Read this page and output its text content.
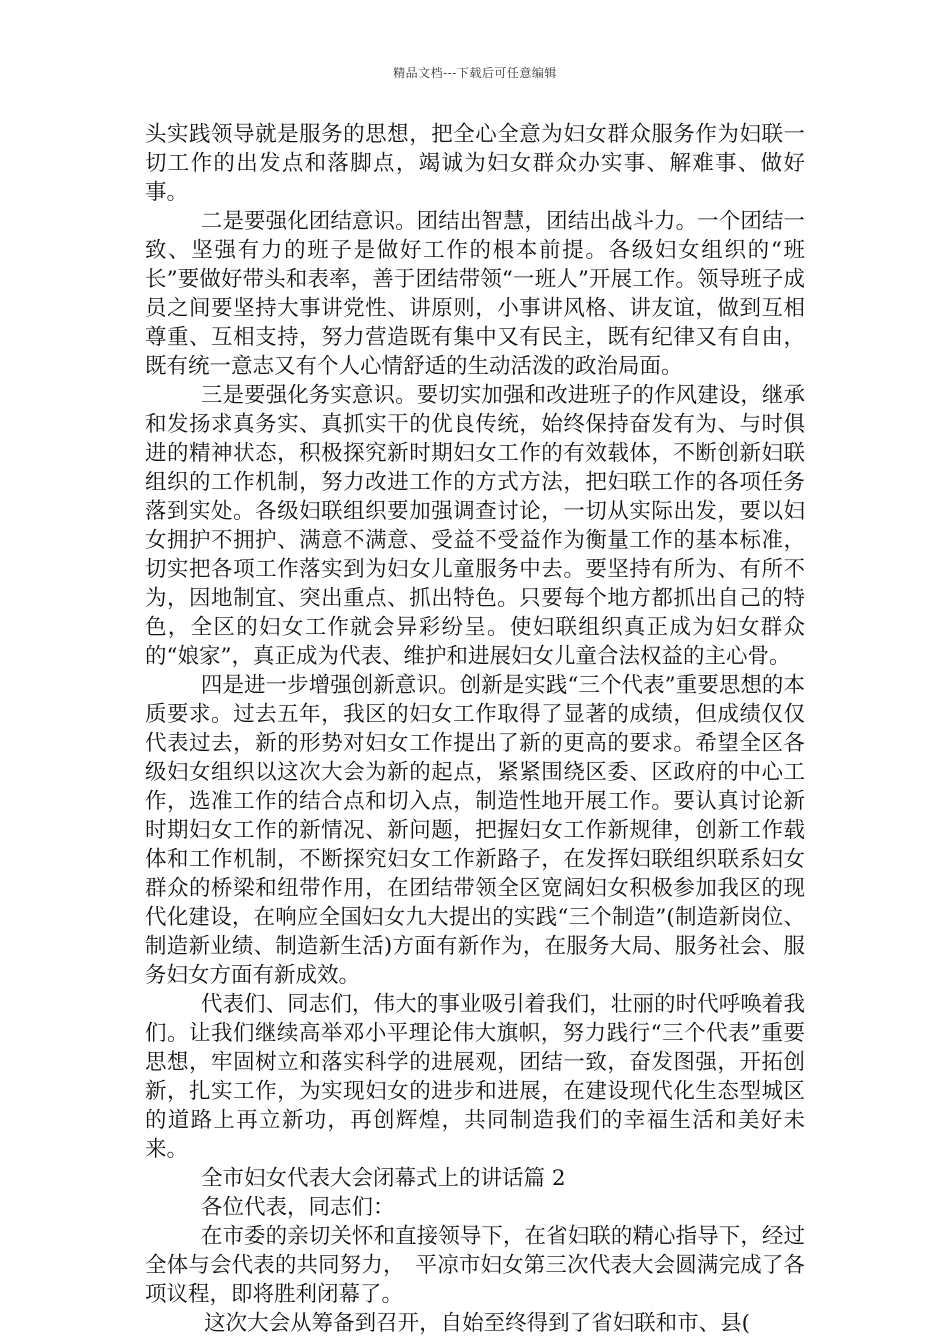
精品文档---下载后可任意编辑

头实践领导就是服务的思想，把全心全意为妇女群众服务作为妇联一切工作的出发点和落脚点，竭诚为妇女群众办实事、解难事、做好事。

二是要强化团结意识。团结出智慧，团结出战斗力。一个团结一致、坚强有力的班子是做好工作的根本前提。各级妇女组织的“班长”要做好带头和表率，善于团结带领“一班人”开展工作。领导班子成员之间要坚持大事讲党性、讲原则，小事讲风格、讲友谊，做到互相尊重、互相支持，努力营造既有集中又有民主，既有纪律又有自由，既有统一意志又有个人心情舒适的生动活泼的政治局面。

三是要强化务实意识。要切实加强和改进班子的作风建设，继承和发扬求真务实、真抓实干的优良传统，始终保持奋发有为、与时俱进的精神状态，积极探究新时期妇女工作的有效载体，不断创新妇联组织的工作机制，努力改进工作的方式方法，把妇联工作的各项任务落到实处。各级妇联组织要加强调查讨论，一切从实际出发，要以妇女拥护不拥护、满意不满意、受益不受益作为衡量工作的基本标准，切实把各项工作落实到为妇女儿童服务中去。要坚持有所为、有所不为，因地制宜、突出重点、抓出特色。只要每个地方都抓出自己的特色，全区的妇女工作就会异彩纷呈。使妇联组织真正成为妇女群众的“娘家”，真正成为代表、维护和进展妇女儿童合法权益的主心骨。

四是进一步增强创新意识。创新是实践“三个代表”重要思想的本质要求。过去五年，我区的妇女工作取得了显著的成绩，但成绩仅仅代表过去，新的形势对妇女工作提出了新的更高的要求。希望全区各级妇女组织以这次大会为新的起点，紧紧围绕区委、区政府的中心工作，选准工作的结合点和切入点，制造性地开展工作。要认真讨论新时期妇女工作的新情况、新问题，把握妇女工作新规律，创新工作载体和工作机制，不断探究妇女工作新路子，在发挥妇联组织联系妇女群众的桥梁和纽带作用，在团结带领全区宽阔妇女积极参加我区的现代化建设，在响应全国妇女九大提出的实践“三个制造”(制造新岗位、制造新业绩、制造新生活)方面有新作为，在服务大局、服务社会、服务妇女方面有新成效。

代表们、同志们，伟大的事业吸引着我们，壮丽的时代呼唤着我们。让我们继续高举邓小平理论伟大旗帜，努力践行“三个代表”重要思想，牢固树立和落实科学的进展观，团结一致，奋发图强，开拓创新，扎实工作，为实现妇女的进步和进展，在建设现代化生态型城区的道路上再立新功，再创辉煌，共同制造我们的幸福生活和美好未来。

全市妇女代表大会闭幕式上的讲话篇 2

各位代表，同志们：

在市委的亲切关怀和直接领导下，在省妇联的精心指导下，经过全体与会代表的共同努力，　平凉市妇女第三次代表大会圆满完成了各项议程，即将胜利闭幕了。

这次大会从筹备到召开，自始至终得到了省妇联和市、县(
